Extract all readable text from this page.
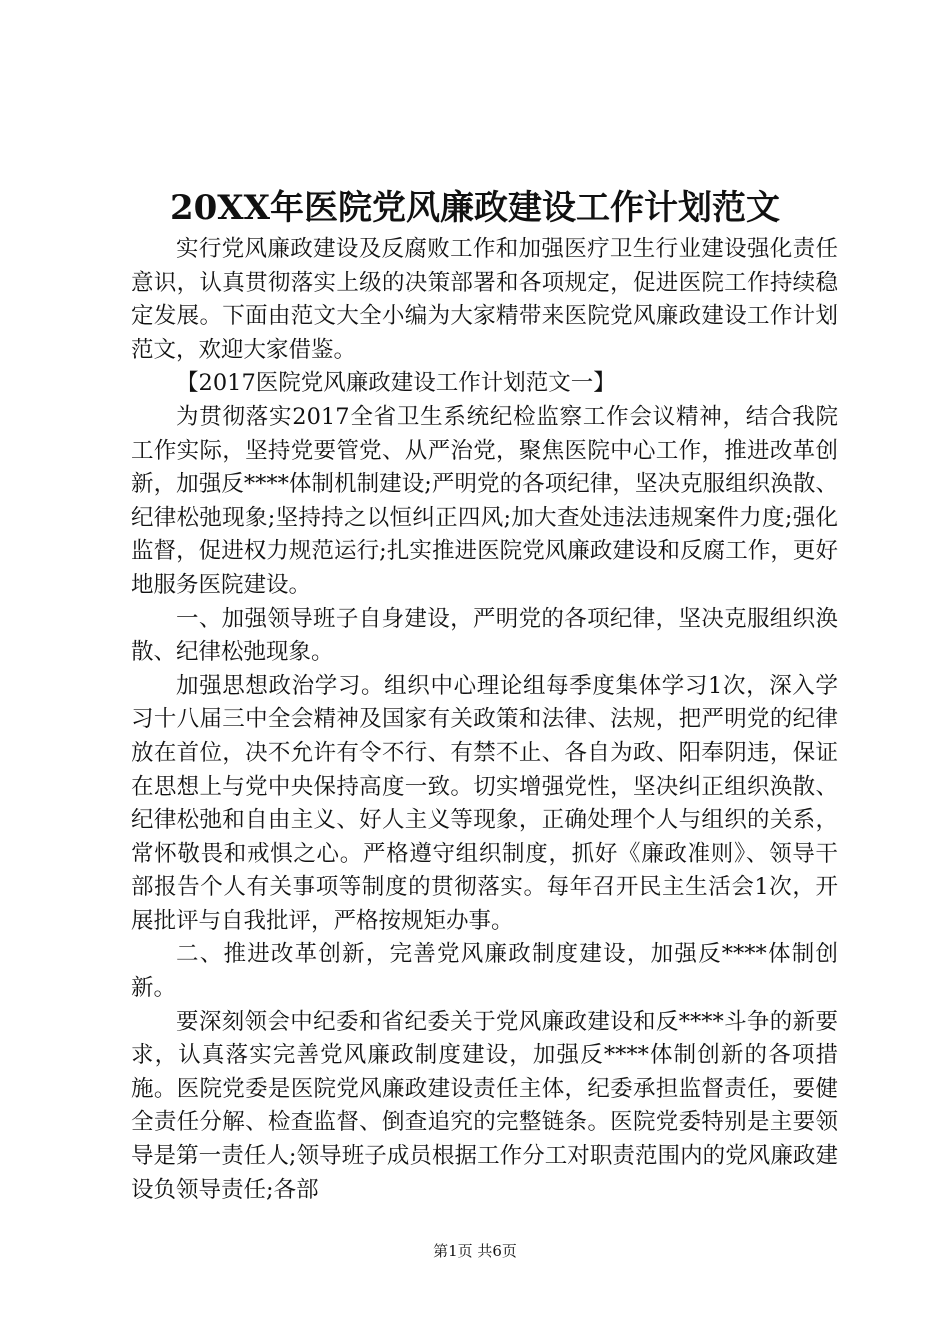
20XX年医院党风廉政建设工作计划范文

实行党风廉政建设及反腐败工作和加强医疗卫生行业建设强化责任意识，认真贯彻落实上级的决策部署和各项规定，促进医院工作持续稳定发展。下面由范文大全小编为大家精带来医院党风廉政建设工作计划范文，欢迎大家借鉴。

【2017医院党风廉政建设工作计划范文一】

为贯彻落实2017全省卫生系统纪检监察工作会议精神，结合我院工作实际，坚持党要管党、从严治党，聚焦医院中心工作，推进改革创新，加强反****体制机制建设;严明党的各项纪律，坚决克服组织涣散、纪律松弛现象;坚持持之以恒纠正四风;加大查处违法违规案件力度;强化监督，促进权力规范运行;扎实推进医院党风廉政建设和反腐工作，更好地服务医院建设。

一、加强领导班子自身建设，严明党的各项纪律，坚决克服组织涣散、纪律松弛现象。

加强思想政治学习。组织中心理论组每季度集体学习1次，深入学习十八届三中全会精神及国家有关政策和法律、法规，把严明党的纪律放在首位，决不允许有令不行、有禁不止、各自为政、阳奉阴违，保证在思想上与党中央保持高度一致。切实增强党性，坚决纠正组织涣散、纪律松弛和自由主义、好人主义等现象，正确处理个人与组织的关系，常怀敬畏和戒惧之心。严格遵守组织制度，抓好《廉政准则》、领导干部报告个人有关事项等制度的贯彻落实。每年召开民主生活会1次，开展批评与自我批评，严格按规矩办事。

二、推进改革创新，完善党风廉政制度建设，加强反****体制创新。

要深刻领会中纪委和省纪委关于党风廉政建设和反****斗争的新要求，认真落实完善党风廉政制度建设，加强反****体制创新的各项措施。医院党委是医院党风廉政建设责任主体，纪委承担监督责任，要健全责任分解、检查监督、倒查追究的完整链条。医院党委特别是主要领导是第一责任人;领导班子成员根据工作分工对职责范围内的党风廉政建设负领导责任;各部

第1页 共6页
